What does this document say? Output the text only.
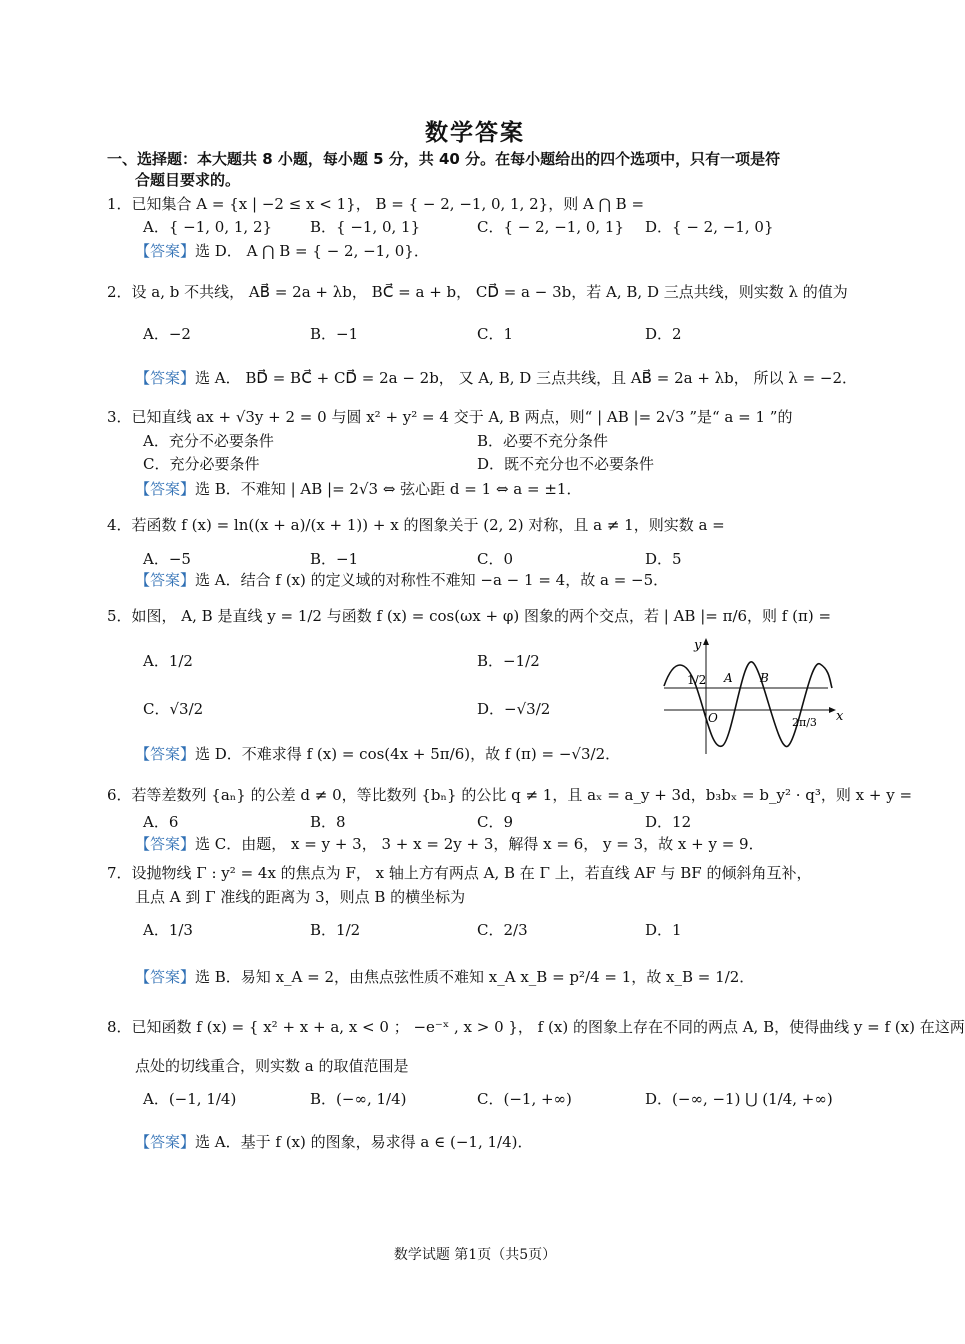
数学答案
一、选择题：本大题共 8 小题，每小题 5 分，共 40 分。在每小题给出的四个选项中，只有一项是符
合题目要求的。
1．已知集合 A = {x | −2 ≤ x < 1}， B = { − 2, −1, 0, 1, 2}，则 A ⋂ B =
A．{ −1, 0, 1, 2}	B．{ −1, 0, 1}	C．{ − 2, −1, 0, 1} D．{ − 2, −1, 0}
【答案】选 D． A ⋂ B = { − 2, −1, 0}．
2．设 a, b 不共线， AB⃗ = 2a + λb， BC⃗ = a + b， CD⃗ = a − 3b，若 A, B, D 三点共线，则实数 λ 的值为
A．−2	B．−1	C．1	D．2
【答案】选 A． BD⃗ = BC⃗ + CD⃗ = 2a − 2b， 又 A, B, D 三点共线，且 AB⃗ = 2a + λb， 所以 λ = −2．
3．已知直线 ax + √3y + 2 = 0 与圆 x² + y² = 4 交于 A, B 两点，则“ | AB |= 2√3 ”是“ a = 1 ”的
A．充分不必要条件	B．必要不充分条件
C．充分必要条件	D．既不充分也不必要条件
【答案】选 B．不难知 | AB |= 2√3 ⇔ 弦心距 d = 1 ⇔ a = ±1．
4．若函数 f (x) = ln((x + a)/(x + 1)) + x 的图象关于 (2, 2) 对称，且 a ≠ 1，则实数 a =
A．−5	B．−1	C．0	D．5
【答案】选 A．结合 f (x) 的定义域的对称性不难知 −a − 1 = 4，故 a = −5．
5．如图， A, B 是直线 y = 1/2 与函数 f (x) = cos(ωx + φ) 图象的两个交点，若 | AB |= π/6，则 f (π) =
A．1/2	B．−1/2
C．√3/2	D．−√3/2
y
x
1/2
O
A B
2π/3
【答案】选 D．不难求得 f (x) = cos(4x + 5π/6)，故 f (π) = −√3/2．
6．若等差数列 {aₙ} 的公差 d ≠ 0，等比数列 {bₙ} 的公比 q ≠ 1，且 aₓ = a_y + 3d，b₃bₓ = b_y² · q³，则 x + y =
A．6	B．8	C．9	D．12
【答案】选 C．由题， x = y + 3， 3 + x = 2y + 3，解得 x = 6， y = 3，故 x + y = 9．
7．设抛物线 Γ : y² = 4x 的焦点为 F， x 轴上方有两点 A, B 在 Γ 上，若直线 AF 与 BF 的倾斜角互补，
且点 A 到 Γ 准线的距离为 3，则点 B 的横坐标为
A．1/3	B．1/2	C．2/3	D．1
【答案】选 B．易知 x_A = 2，由焦点弦性质不难知 x_A x_B = p²/4 = 1，故 x_B = 1/2．
8．已知函数 f (x) = { x² + x + a, x < 0 ； −e⁻ˣ , x > 0 }， f (x) 的图象上存在不同的两点 A, B，使得曲线 y = f (x) 在这两
点处的切线重合，则实数 a 的取值范围是
A．(−1, 1/4)	B．(−∞, 1/4)	C．(−1, +∞)	D．(−∞, −1) ⋃ (1/4, +∞)
【答案】选 A．基于 f (x) 的图象，易求得 a ∈ (−1, 1/4)．
数学试题 第1页（共5页）
